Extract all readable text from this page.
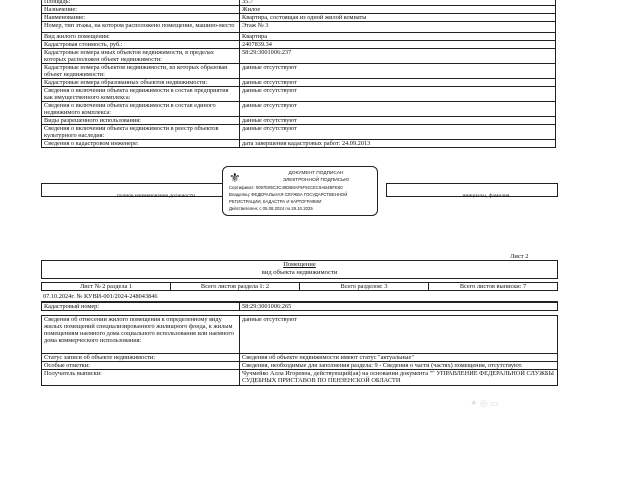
Площадь:	35.7
Назначение:	Жилое
Наименование:	Квартира, состоящая из одной жилой комнаты
Номер, тип этажа, на котором расположено помещение, машино-место	Этаж № 3
Вид жилого помещения:	Квартира
Кадастровая стоимость, руб.:	2407839.34
Кадастровые номера иных объектов недвижимости, в пределах которых расположен объект недвижимости:	58:29:3001006:237
Кадастровые номера объектов недвижимости, из которых образован объект недвижимости:	данные отсутствуют
Кадастровые номера образованных объектов недвижимости:	данные отсутствуют
Сведения о включении объекта недвижимости в состав предприятия как имущественного комплекса:	данные отсутствуют
Сведения о включении объекта недвижимости в состав единого недвижимого комплекса:	данные отсутствуют
Виды разрешенного использования:	данные отсутствуют
Сведения о включении объекта недвижимости в реестр объектов культурного наследия:	данные отсутствуют
Сведения о кадастровом инженере:	дата завершения кадастровых работ: 24.09.2013
полное наименование должности	инициалы, фамилия
⚜	ДОКУМЕНТ ПОДПИСАН
ЭЛЕКТРОННОЙ ПОДПИСЬЮ
Сертификат: 0097E85C3C49DB8AF5F92CEC9AB4BFE60
Владелец: ФЕДЕРАЛЬНАЯ СЛУЖБА ГОСУДАРСТВЕННОЙ
РЕГИСТРАЦИИ, КАДАСТРА И КАРТОГРАФИИ
Действителен: с 05.08.2024 по 29.10.2025
Лист 2
Помещение
вид объекта недвижимости
Лист № 2 раздела 1	Всего листов раздела 1: 2	Всего разделов: 3	Всего листов выписки: 7
07.10.2024г. № КУВИ-001/2024-248043846
Кадастровый номер:	58:29:3001006:265
Сведения об отнесении жилого помещения к определенному виду жилых помещений специализированного жилищного фонда, к жилым помещениям наемного дома социального использования или наемного дома коммерческого использования:	данные отсутствуют
Статус записи об объекте недвижимости:	Сведения об объекте недвижимости имеют статус "актуальные"
Особые отметки:	Сведения, необходимые для заполнения раздела: 9 - Сведения о части (частях) помещения, отсутствуют.
Получатель выписки:	Чучмейко Алла Игоревна, действующий(ая) на основании документа "" УПРАВЛЕНИЕ ФЕДЕРАЛЬНОЙ СЛУЖБЫ СУДЕБНЫХ ПРИСТАВОВ ПО ПЕНЗЕНСКОЙ ОБЛАСТИ
✦ ◎ ▭
